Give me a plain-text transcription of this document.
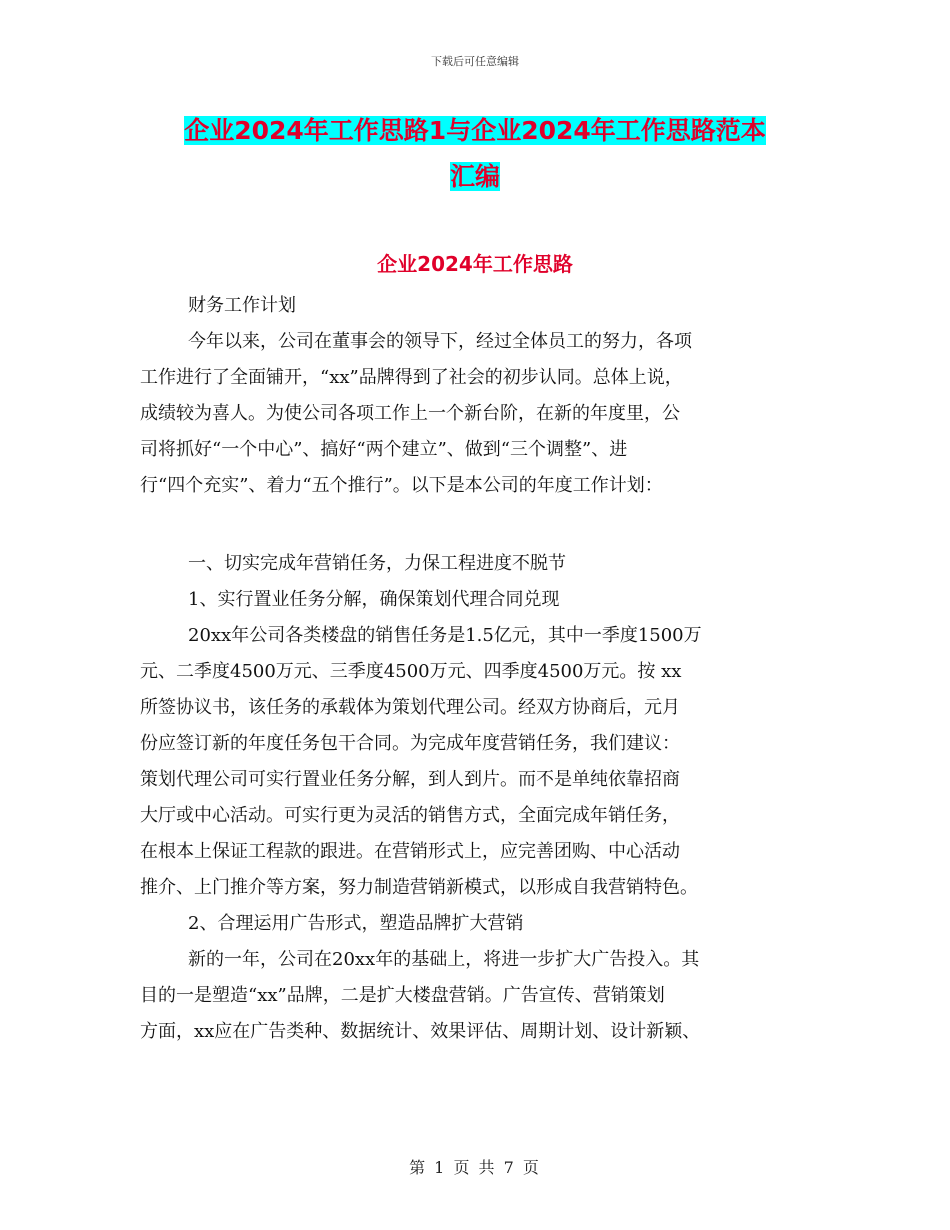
下载后可任意编辑
企业2024年工作思路1与企业2024年工作思路范本
汇编
企业2024年工作思路
财务工作计划
今年以来，公司在董事会的领导下，经过全体员工的努力，各项
工作进行了全面铺开，“xx”品牌得到了社会的初步认同。总体上说，
成绩较为喜人。为使公司各项工作上一个新台阶，在新的年度里，公
司将抓好“一个中心”、搞好“两个建立”、做到“三个调整”、进
行“四个充实”、着力“五个推行”。以下是本公司的年度工作计划：
一、切实完成年营销任务，力保工程进度不脱节
1、实行置业任务分解，确保策划代理合同兑现
20xx年公司各类楼盘的销售任务是1.5亿元，其中一季度1500万
元、二季度4500万元、三季度4500万元、四季度4500万元。按 xx
所签协议书，该任务的承载体为策划代理公司。经双方协商后，元月
份应签订新的年度任务包干合同。为完成年度营销任务，我们建议：
策划代理公司可实行置业任务分解，到人到片。而不是单纯依靠招商
大厅或中心活动。可实行更为灵活的销售方式，全面完成年销任务，
在根本上保证工程款的跟进。在营销形式上，应完善团购、中心活动
推介、上门推介等方案，努力制造营销新模式，以形成自我营销特色。
2、合理运用广告形式，塑造品牌扩大营销
新的一年，公司在20xx年的基础上，将进一步扩大广告投入。其
目的一是塑造“xx”品牌，二是扩大楼盘营销。广告宣传、营销策划
方面，xx应在广告类种、数据统计、效果评估、周期计划、设计新颖、
第 1 页 共 7 页
